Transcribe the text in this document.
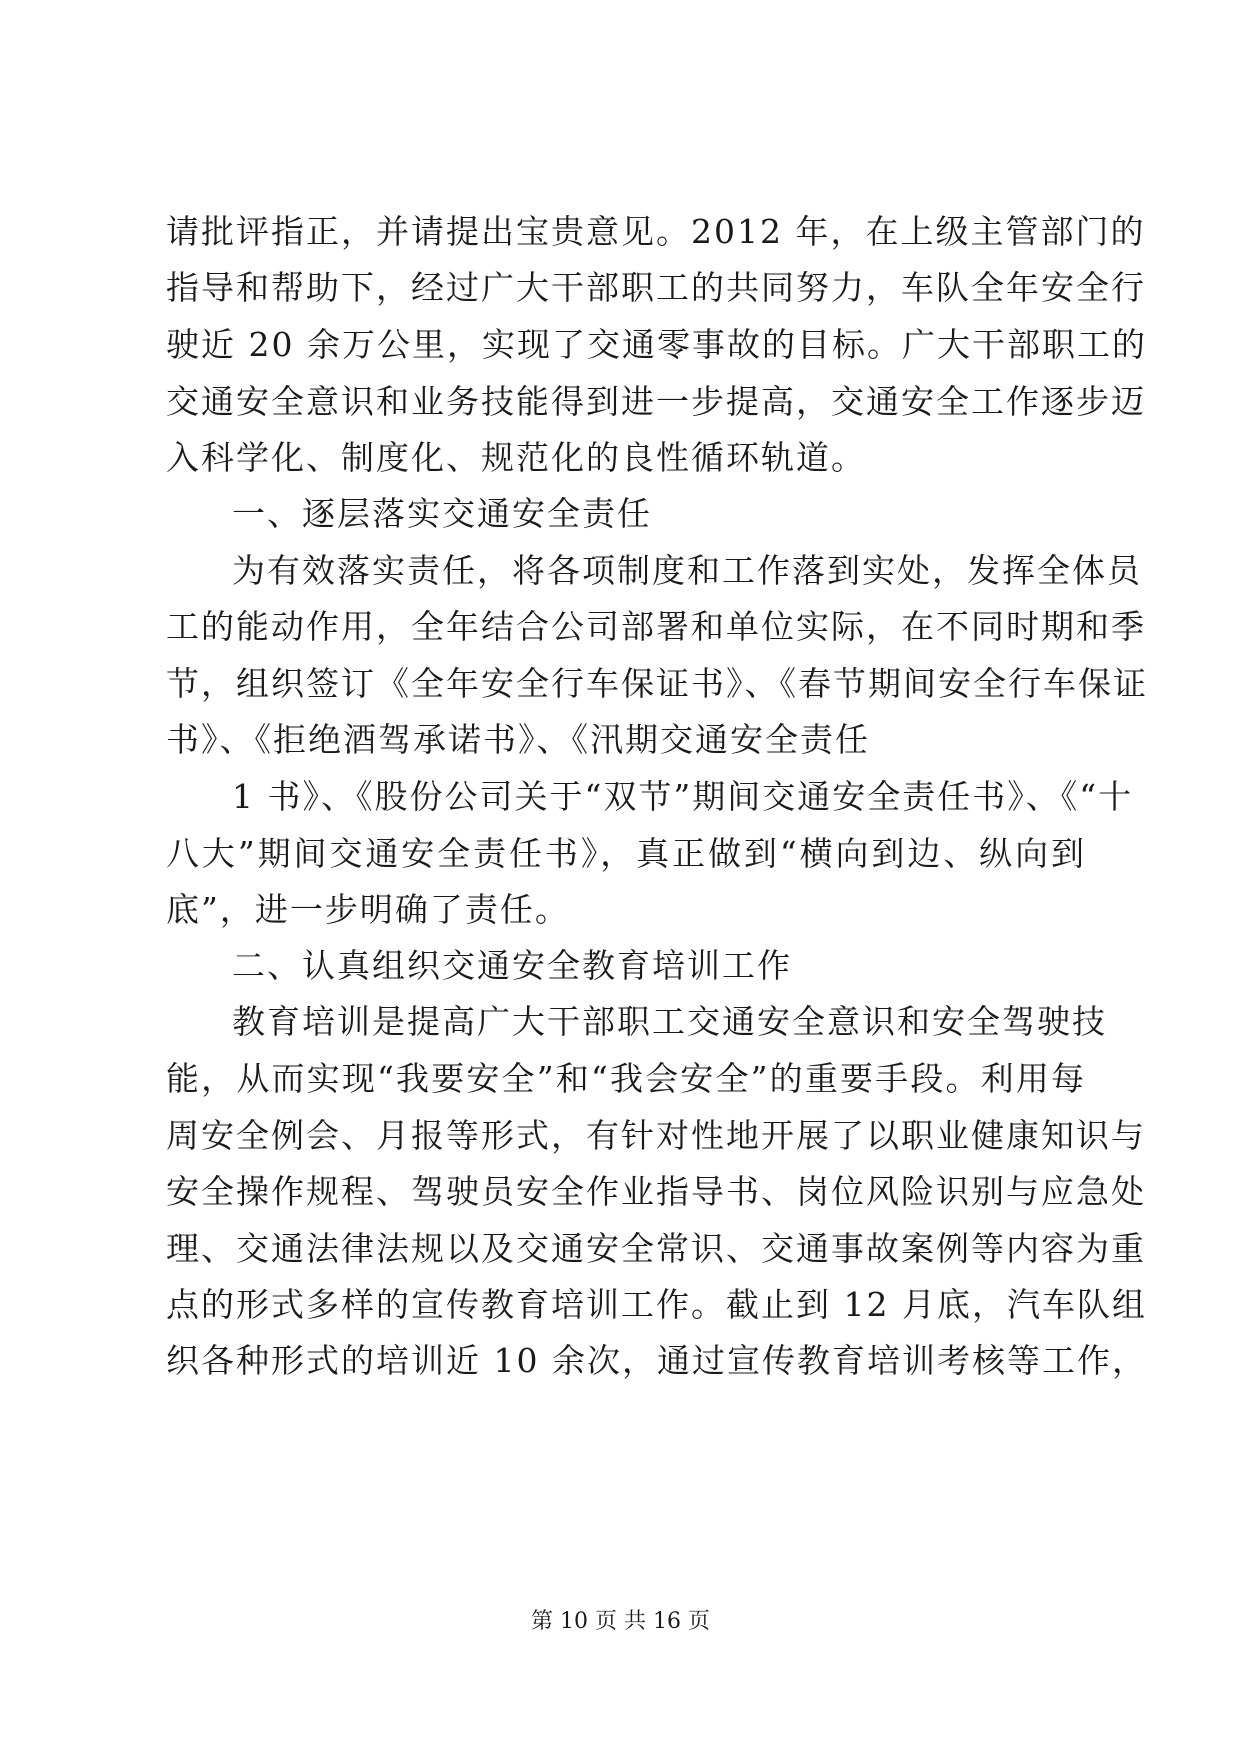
请批评指正，并请提出宝贵意见。2012 年，在上级主管部门的
指导和帮助下，经过广大干部职工的共同努力，车队全年安全行
驶近 20 余万公里，实现了交通零事故的目标。广大干部职工的
交通安全意识和业务技能得到进一步提高，交通安全工作逐步迈
入科学化、制度化、规范化的良性循环轨道。
一、逐层落实交通安全责任
为有效落实责任，将各项制度和工作落到实处，发挥全体员
工的能动作用，全年结合公司部署和单位实际，在不同时期和季
节，组织签订《全年安全行车保证书》、《春节期间安全行车保证
书》、《拒绝酒驾承诺书》、《汛期交通安全责任
1 书》、《股份公司关于“双节”期间交通安全责任书》、《“十
八大”期间交通安全责任书》，真正做到“横向到边、纵向到
底”，进一步明确了责任。
二、认真组织交通安全教育培训工作
教育培训是提高广大干部职工交通安全意识和安全驾驶技
能，从而实现“我要安全”和“我会安全”的重要手段。利用每
周安全例会、月报等形式，有针对性地开展了以职业健康知识与
安全操作规程、驾驶员安全作业指导书、岗位风险识别与应急处
理、交通法律法规以及交通安全常识、交通事故案例等内容为重
点的形式多样的宣传教育培训工作。截止到 12 月底，汽车队组
织各种形式的培训近 10 余次，通过宣传教育培训考核等工作，
第 10 页 共 16 页
